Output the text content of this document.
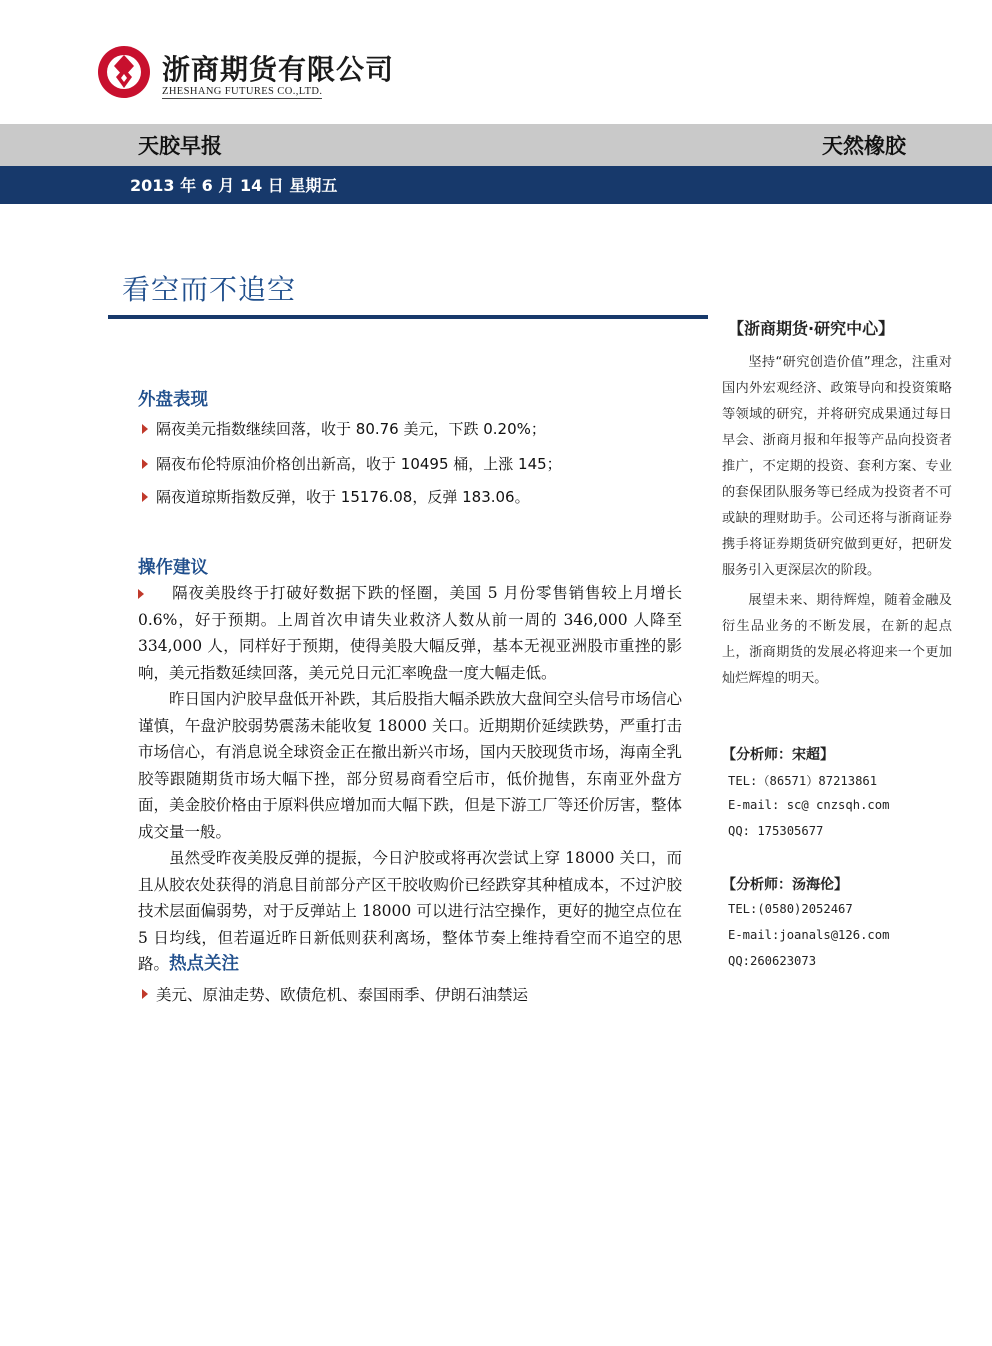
浙商期货有限公司
ZHESHANG FUTURES CO.,LTD.
天胶早报	天然橡胶
2013 年 6 月 14 日 星期五
看空而不追空
外盘表现
隔夜美元指数继续回落，收于 80.76 美元，下跌 0.20%；
隔夜布伦特原油价格创出新高，收于 10495 桶，上涨 145；
隔夜道琼斯指数反弹，收于 15176.08，反弹 183.06。
操作建议

隔夜美股终于打破好数据下跌的怪圈，美国 5 月份零售销售较上月增长 0.6%，好于预期。上周首次申请失业救济人数从前一周的 346,000 人降至 334,000 人，同样好于预期，使得美股大幅反弹，基本无视亚洲股市重挫的影响，美元指数延续回落，美元兑日元汇率晚盘一度大幅走低。

昨日国内沪胶早盘低开补跌，其后股指大幅杀跌放大盘间空头信号市场信心谨慎，午盘沪胶弱势震荡未能收复 18000 关口。近期期价延续跌势，严重打击市场信心，有消息说全球资金正在撤出新兴市场，国内天胶现货市场，海南全乳胶等跟随期货市场大幅下挫，部分贸易商看空后市，低价抛售，东南亚外盘方面，美金胶价格由于原料供应增加而大幅下跌，但是下游工厂等还价厉害，整体成交量一般。

虽然受昨夜美股反弹的提振，今日沪胶或将再次尝试上穿 18000 关口，而且从胶农处获得的消息目前部分产区干胶收购价已经跌穿其种植成本，不过沪胶技术层面偏弱势，对于反弹站上 18000 可以进行沽空操作，更好的抛空点位在 5 日均线，但若逼近昨日新低则获利离场，整体节奏上维持看空而不追空的思路。热点关注

美元、原油走势、欧债危机、泰国雨季、伊朗石油禁运
【浙商期货·研究中心】

坚持“研究创造价值”理念，注重对国内外宏观经济、政策导向和投资策略等领域的研究，并将研究成果通过每日早会、浙商月报和年报等产品向投资者推广，不定期的投资、套利方案、专业的套保团队服务等已经成为投资者不可或缺的理财助手。公司还将与浙商证券携手将证券期货研究做到更好，把研发服务引入更深层次的阶段。

展望未来、期待辉煌，随着金融及衍生品业务的不断发展，在新的起点上，浙商期货的发展必将迎来一个更加灿烂辉煌的明天。

【分析师：宋超】
TEL:（86571）87213861
E-mail: sc@ cnzsqh.com
QQ: 175305677
【分析师：汤海伦】
TEL:(0580)2052467
E-mail:joanals@126.com
QQ:260623073
